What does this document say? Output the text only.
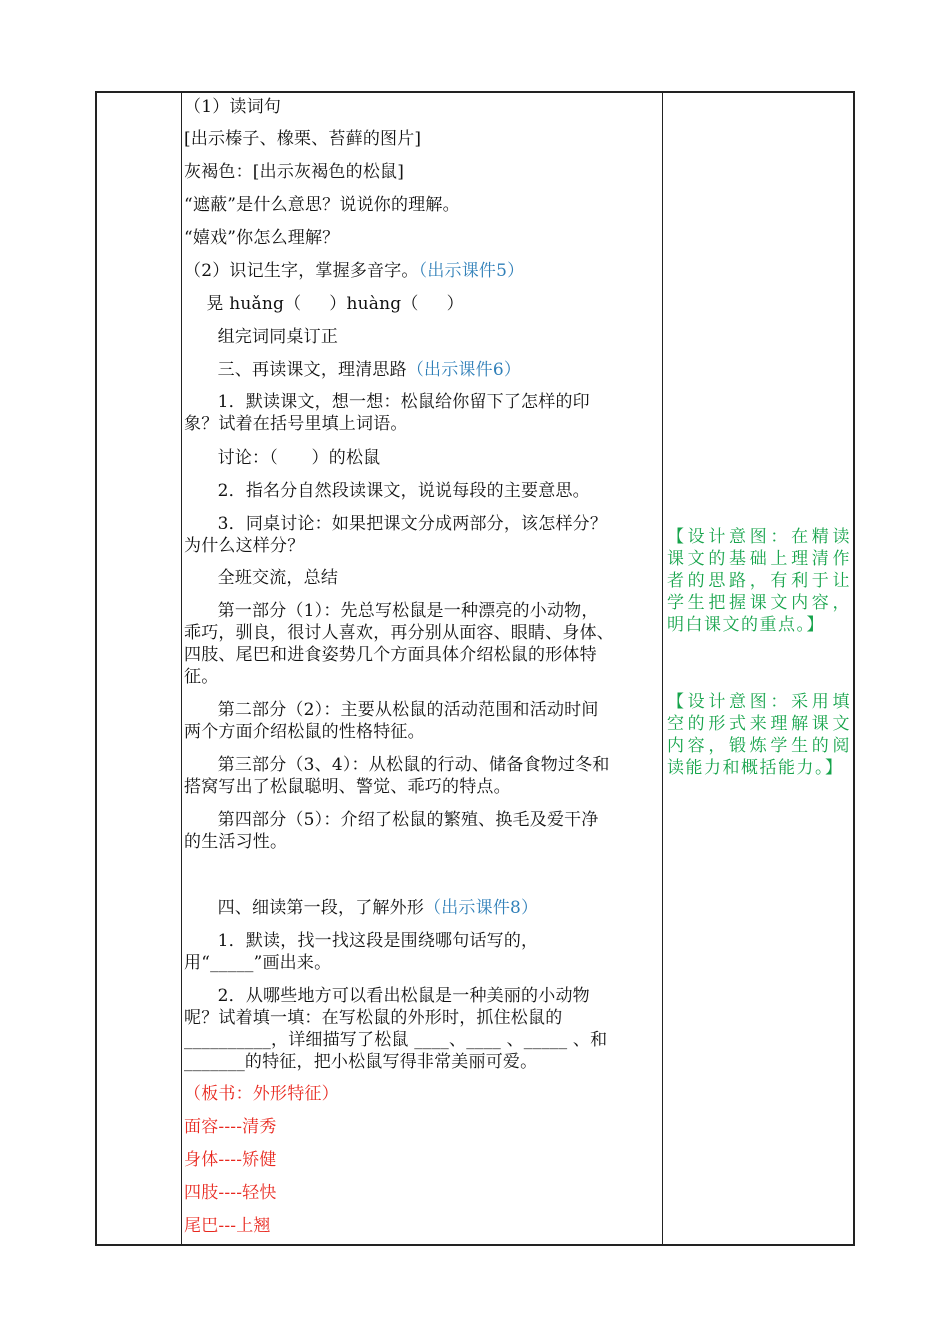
（1）读词句
[出示榛子、橡栗、苔藓的图片]
灰褐色：[出示灰褐色的松鼠]
“遮蔽”是什么意思？说说你的理解。
“嬉戏”你怎么理解？
（2）识记生字，掌握多音字。（出示课件5）
晃 huǎng（     ）huàng（     ）
组完词同桌订正
三、再读课文，理清思路（出示课件6）
1．默读课文，想一想：松鼠给你留下了怎样的印
象？试着在括号里填上词语。
讨论：（      ）的松鼠
2．指名分自然段读课文，说说每段的主要意思。
3．同桌讨论：如果把课文分成两部分，该怎样分？
为什么这样分？
全班交流，总结
第一部分（1）：先总写松鼠是一种漂亮的小动物，
乖巧，驯良，很讨人喜欢，再分别从面容、眼睛、身体、
四肢、尾巴和进食姿势几个方面具体介绍松鼠的形体特
征。
第二部分（2）：主要从松鼠的活动范围和活动时间
两个方面介绍松鼠的性格特征。
第三部分（3、4）：从松鼠的行动、储备食物过冬和
搭窝写出了松鼠聪明、警觉、乖巧的特点。
第四部分（5）：介绍了松鼠的繁殖、换毛及爱干净
的生活习性。
四、细读第一段，了解外形（出示课件8）
1．默读，找一找这段是围绕哪句话写的，
用“_____”画出来。
2．从哪些地方可以看出松鼠是一种美丽的小动物
呢？试着填一填：在写松鼠的外形时，抓住松鼠的
__________，详细描写了松鼠 ____、____ 、_____ 、和
_______的特征，把小松鼠写得非常美丽可爱。
（板书：外形特征）
面容----清秀
身体----矫健
四肢----轻快
尾巴---上翘
【设计意图：在精读课文的基础上理清作者的思路，有利于让学生把握课文内容，明白课文的重点。】
【设计意图：采用填空的形式来理解课文内容，锻炼学生的阅读能力和概括能力。】
